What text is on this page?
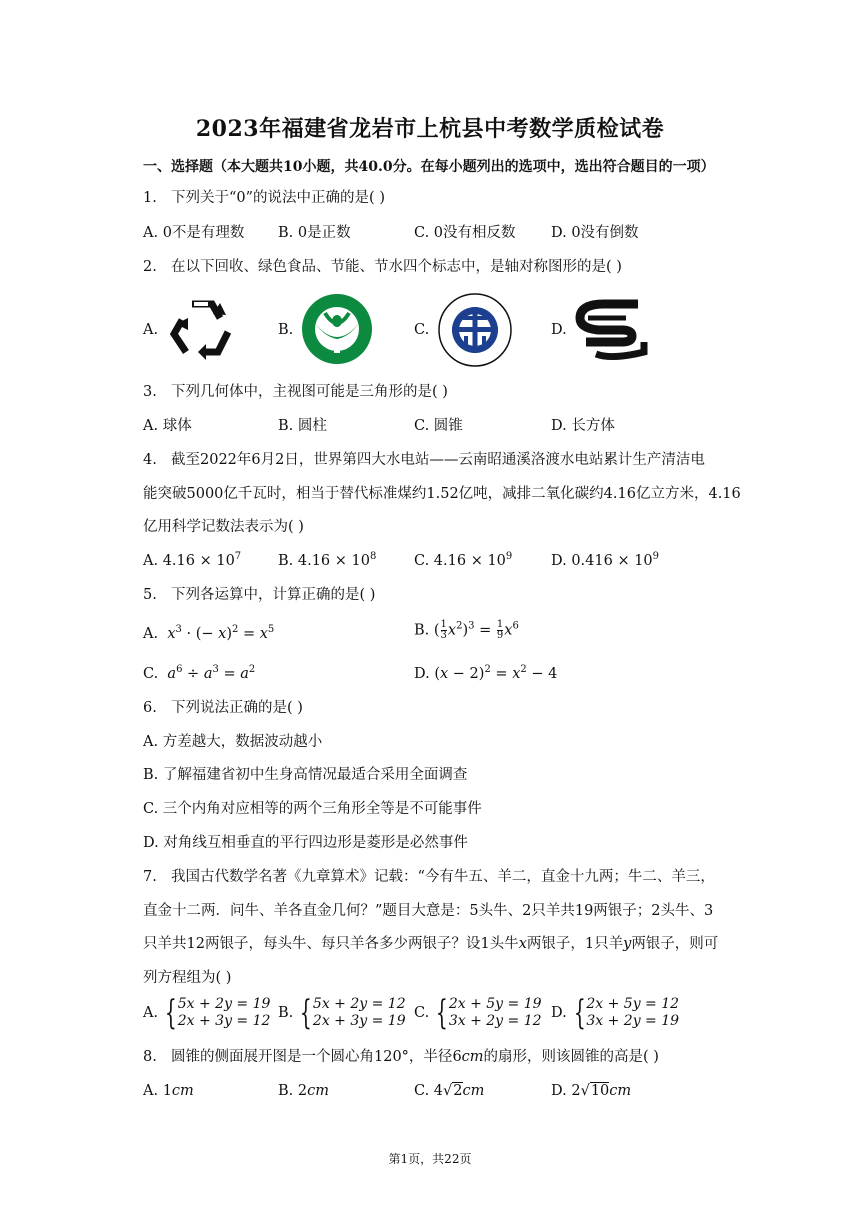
2023年福建省龙岩市上杭县中考数学质检试卷
一、选择题（本大题共10小题，共40.0分。在每小题列出的选项中，选出符合题目的一项）
1. 下列关于“0”的说法中正确的是( )
A. 0不是有理数 B. 0是正数	C. 0没有相反数 D. 0没有倒数
2. 在以下回收、绿色食品、节能、节水四个标志中，是轴对称图形的是( )
A.	B.	C.	D.
3. 下列几何体中，主视图可能是三角形的是( )
A. 球体	B. 圆柱	C. 圆锥	D. 长方体
4. 截至2022年6月2日，世界第四大水电站——云南昭通溪洛渡水电站累计生产清洁电
能突破5000亿千瓦时，相当于替代标准煤约1.52亿吨，减排二氧化碳约4.16亿立方米，4.16
亿用科学记数法表示为( )
A. $4.16 \times 10^7$	B. $4.16 \times 10^8$	C. $4.16 \times 10^9$	D. $0.416 \times 10^9$
5. 下列各运算中，计算正确的是( )
A. $x^3$ · (− $x)^2 = x^5$	B. ( $\frac{1}{3} x^2)^3 = \frac{1}{9} x^6$
C. $a^6 \div a^3 = a^2$	D. $(x - 2)^2 = x^2 - 4$
6. 下列说法正确的是( )
A. 方差越大，数据波动越小
B. 了解福建省初中生身高情况最适合采用全面调查
C. 三个内角对应相等的两个三角形全等是不可能事件
D. 对角线互相垂直的平行四边形是菱形是必然事件
7. 我国古代数学名著《九章算术》记载：“今有牛五、羊二，直金十九两；牛二、羊三，
直金十二两．问牛、羊各直金几何？”题目大意是：5头牛、2只羊共19两银子；2头牛、3
只羊共12两银子，每头牛、每只羊各多少两银子？设1头牛x两银子，1只羊y两银子，则可
列方程组为( )
A. { 5x + 2y = 19
2x + 3y = 12 B. { 5x + 2y = 12
2x + 3y = 19 C. { 2x + 5y = 19
3x + 2y = 12 D. { 2x + 5y = 12
3x + 2y = 19
8. 圆锥的侧面展开图是一个圆心角120°，半径6cm的扇形，则该圆锥的高是( )
A. 1cm	B. 2cm	C. 4√2cm	D. 2√10cm
第1页，共22页
